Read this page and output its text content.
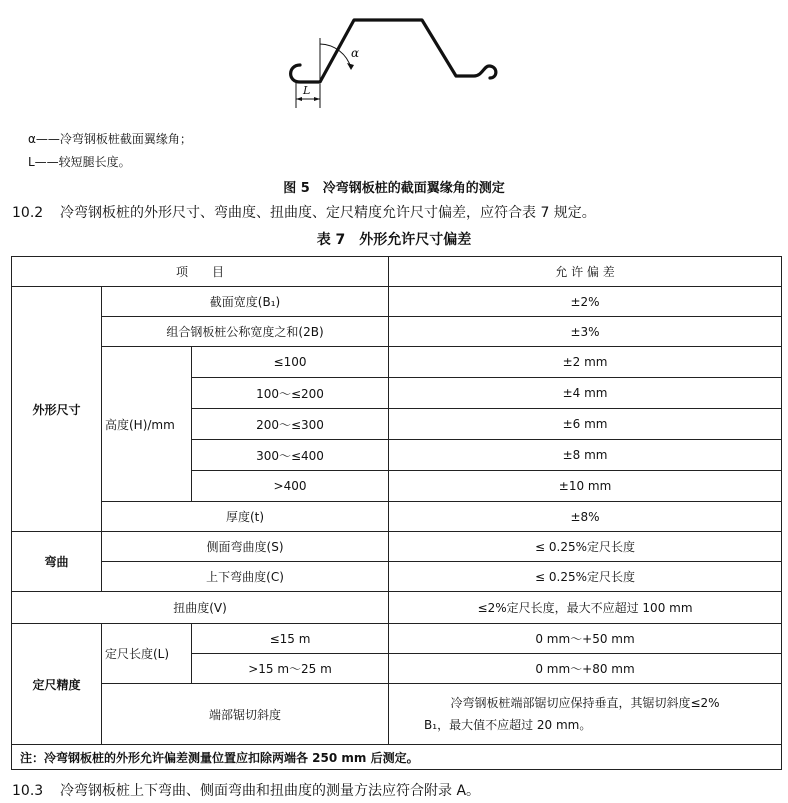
α
L
α——冷弯钢板桩截面翼缘角；
L——较短腿长度。
图 5　冷弯钢板桩的截面翼缘角的测定
10.2 冷弯钢板桩的外形尺寸、弯曲度、扭曲度、定尺精度允许尺寸偏差，应符合表 7 规定。
表 7　外形允许尺寸偏差
项　　目			允 许 偏 差
外形尺寸	截面宽度(B₁)		±2%
	组合钢板桩公称宽度之和(2B)		±3%
	高度(H)/mm	≤100	±2 mm
		100～≤200	±4 mm
		200～≤300	±6 mm
		300～≤400	±8 mm
		>400	±10 mm
	厚度(t)		±8%
弯曲	侧面弯曲度(S)		≤ 0.25%定尺长度
	上下弯曲度(C)		≤ 0.25%定尺长度
扭曲度(V)			≤2%定尺长度，最大不应超过 100 mm
定尺精度	定尺长度(L)	≤15 m	0 mm～+50 mm
		>15 m～25 m	0 mm～+80 mm
	端部锯切斜度		冷弯钢板桩端部锯切应保持垂直，其锯切斜度≤2%
B₁，最大值不应超过 20 mm。

注：冷弯钢板桩的外形允许偏差测量位置应扣除两端各 250 mm 后测定。			
10.3 冷弯钢板桩上下弯曲、侧面弯曲和扭曲度的测量方法应符合附录 A。
